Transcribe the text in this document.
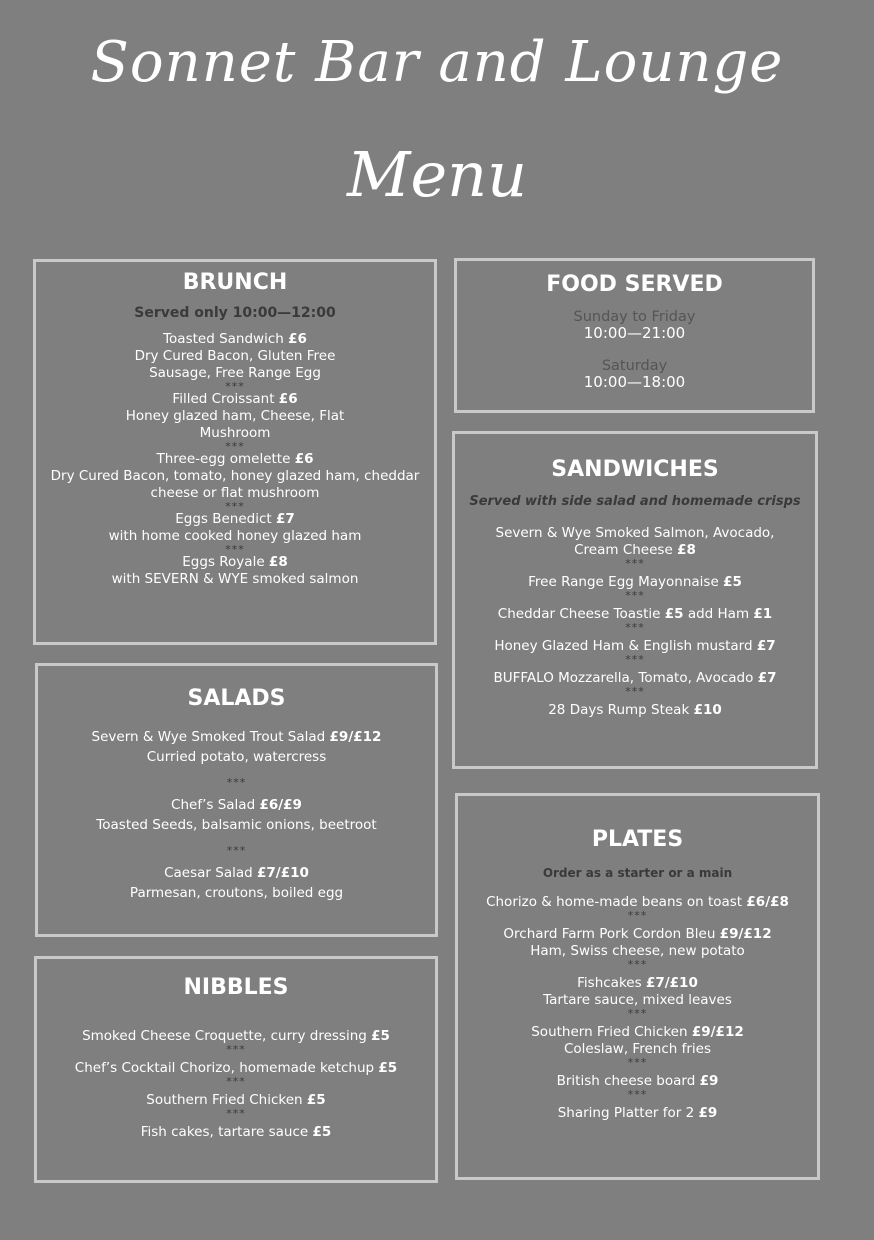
Sonnet Bar and Lounge
Menu
BRUNCH
Served only 10:00—12:00
Toasted Sandwich £6
Dry Cured Bacon, Gluten Free
Sausage, Free Range Egg
***
Filled Croissant £6
Honey glazed ham, Cheese, Flat
Mushroom
***
Three-egg omelette £6
Dry Cured Bacon, tomato, honey glazed ham, cheddar
cheese or flat mushroom
***
Eggs Benedict £7
with home cooked honey glazed ham
***
Eggs Royale £8
with SEVERN & WYE smoked salmon
FOOD SERVED
Sunday to Friday
10:00—21:00
Saturday
10:00—18:00
SANDWICHES
Served with side salad and homemade crisps
Severn & Wye Smoked Salmon, Avocado,
Cream Cheese £8
***
Free Range Egg Mayonnaise £5
***
Cheddar Cheese Toastie £5 add Ham £1
***
Honey Glazed Ham & English mustard £7
***
BUFFALO Mozzarella, Tomato, Avocado £7
***
28 Days Rump Steak £10
SALADS
Severn & Wye Smoked Trout Salad £9/£12
Curried potato, watercress
***
Chef’s Salad £6/£9
Toasted Seeds, balsamic onions, beetroot
***
Caesar Salad £7/£10
Parmesan, croutons, boiled egg
PLATES
Order as a starter or a main
Chorizo & home-made beans on toast £6/£8
***
Orchard Farm Pork Cordon Bleu £9/£12
Ham, Swiss cheese, new potato
***
Fishcakes £7/£10
Tartare sauce, mixed leaves
***
Southern Fried Chicken £9/£12
Coleslaw, French fries
***
British cheese board £9
***
Sharing Platter for 2 £9
NIBBLES
Smoked Cheese Croquette, curry dressing £5
***
Chef’s Cocktail Chorizo, homemade ketchup £5
***
Southern Fried Chicken £5
***
Fish cakes, tartare sauce £5
